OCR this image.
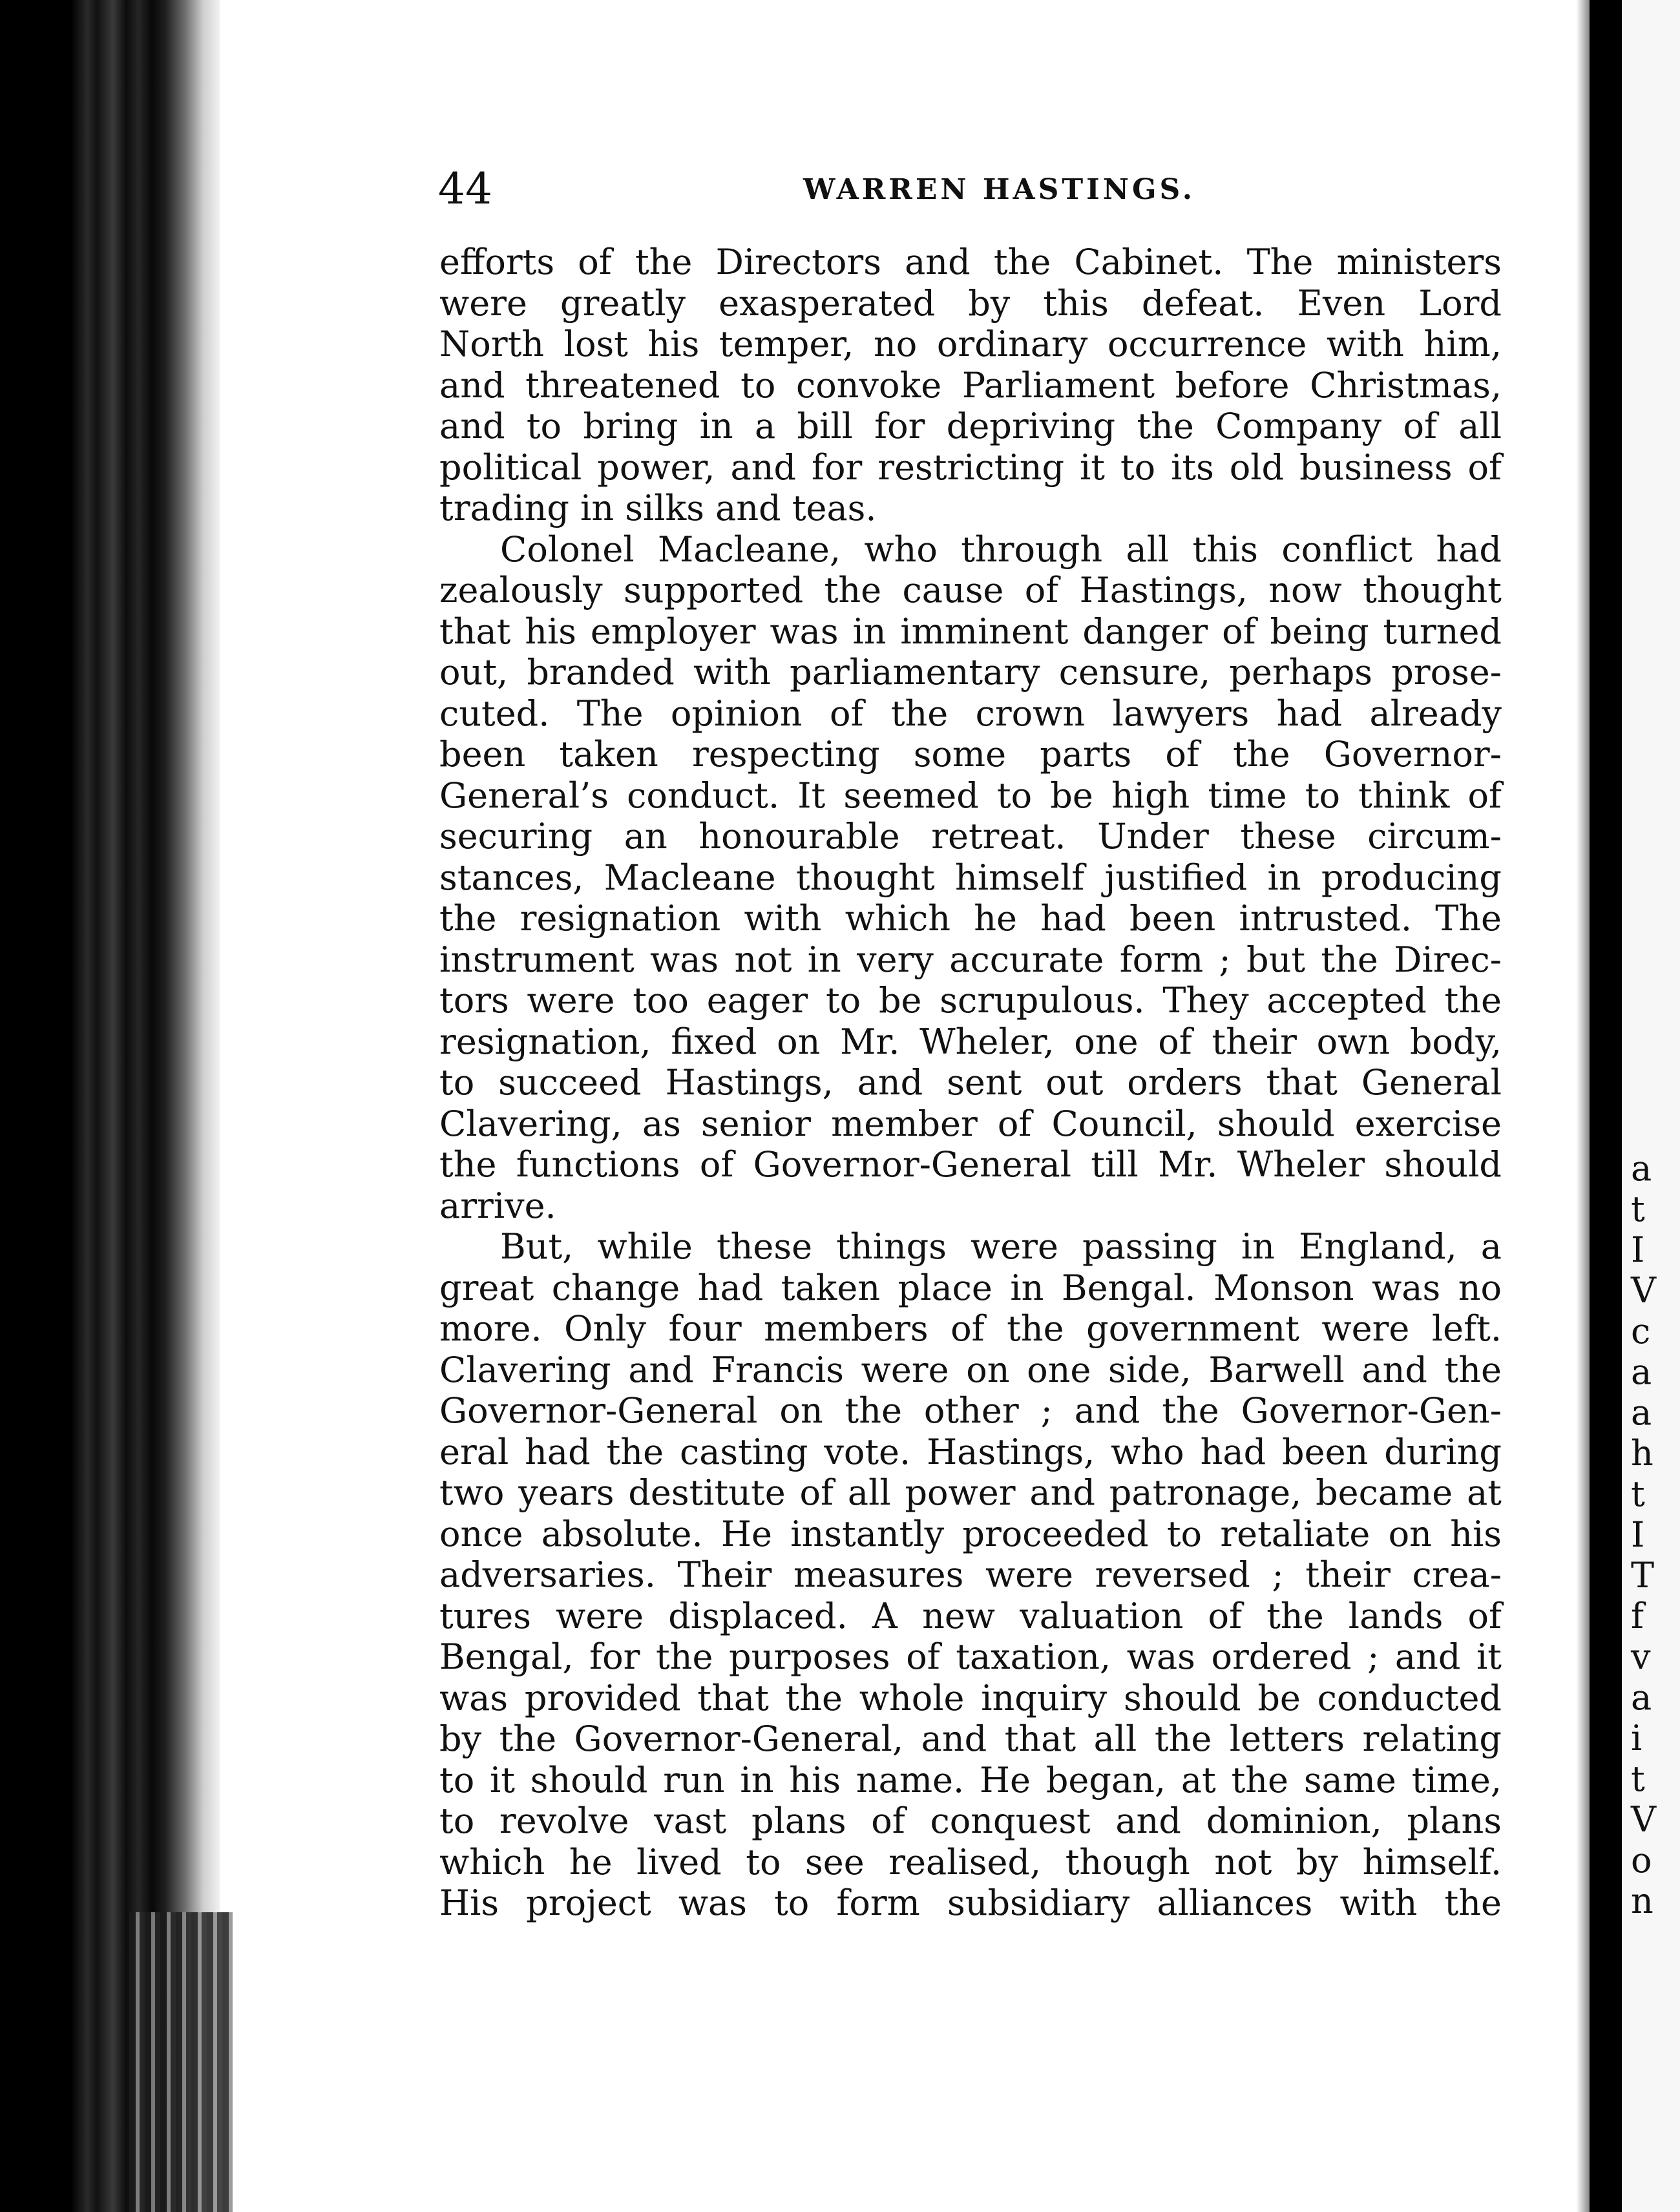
a
t
I
V
c
a
a
h
t
I
T
f
v
a
i
t
V
o
n
44	WARREN HASTINGS.
efforts of the Directors and the Cabinet. The ministers
were greatly exasperated by this defeat. Even Lord
North lost his temper, no ordinary occurrence with him,
and threatened to convoke Parliament before Christmas,
and to bring in a bill for depriving the Company of all
political power, and for restricting it to its old business of
trading in silks and teas.
Colonel Macleane, who through all this conflict had
zealously supported the cause of Hastings, now thought
that his employer was in imminent danger of being turned
out, branded with parliamentary censure, perhaps prose-
cuted. The opinion of the crown lawyers had already
been taken respecting some parts of the Governor-
General’s conduct. It seemed to be high time to think of
securing an honourable retreat. Under these circum-
stances, Macleane thought himself justified in producing
the resignation with which he had been intrusted. The
instrument was not in very accurate form ; but the Direc-
tors were too eager to be scrupulous. They accepted the
resignation, fixed on Mr. Wheler, one of their own body,
to succeed Hastings, and sent out orders that General
Clavering, as senior member of Council, should exercise
the functions of Governor-General till Mr. Wheler should
arrive.
But, while these things were passing in England, a
great change had taken place in Bengal. Monson was no
more. Only four members of the government were left.
Clavering and Francis were on one side, Barwell and the
Governor-General on the other ; and the Governor-Gen-
eral had the casting vote. Hastings, who had been during
two years destitute of all power and patronage, became at
once absolute. He instantly proceeded to retaliate on his
adversaries. Their measures were reversed ; their crea-
tures were displaced. A new valuation of the lands of
Bengal, for the purposes of taxation, was ordered ; and it
was provided that the whole inquiry should be conducted
by the Governor-General, and that all the letters relating
to it should run in his name. He began, at the same time,
to revolve vast plans of conquest and dominion, plans
which he lived to see realised, though not by himself.
His project was to form subsidiary alliances with the
